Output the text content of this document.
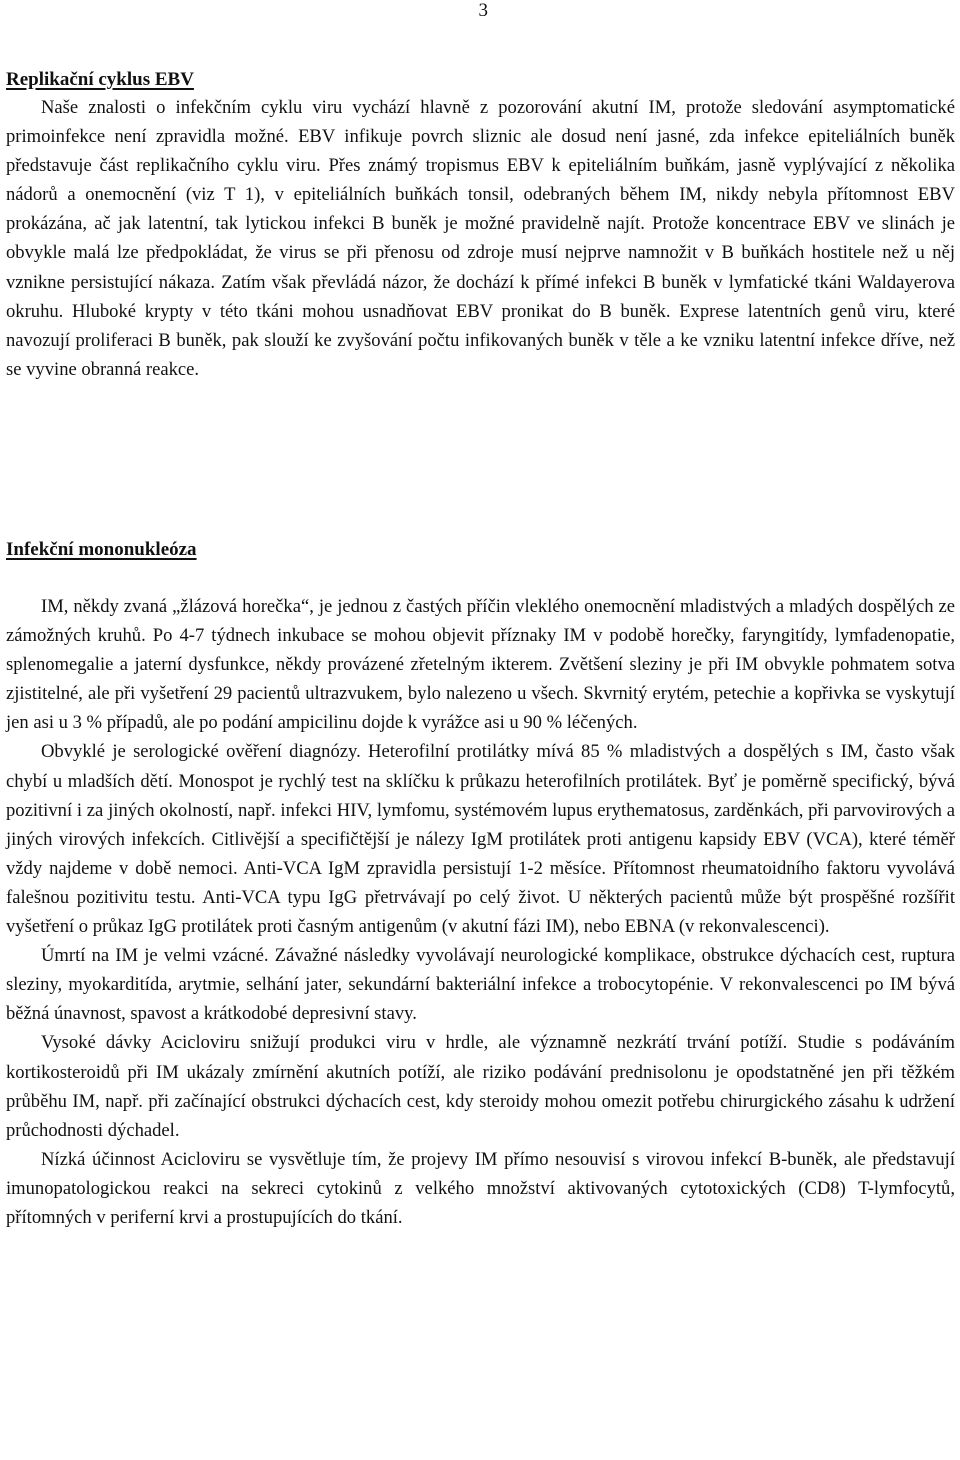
3
Replikační cyklus EBV

Naše znalosti o infekčním cyklu viru vychází hlavně z pozorování akutní IM, protože sledování asymptomatické primoinfekce není zpravidla možné. EBV infikuje povrch sliznic ale dosud není jasné, zda infekce epiteliálních buněk představuje část replikačního cyklu viru. Přes známý tropismus EBV k epiteliálním buňkám, jasně vyplývající z několika nádorů a onemocnění (viz T 1), v epiteliálních buňkách tonsil, odebraných během IM, nikdy nebyla přítomnost EBV prokázána, ač jak latentní, tak lytickou infekci B buněk je možné pravidelně najít. Protože koncentrace EBV ve slinách je obvykle malá lze předpokládat, že virus se při přenosu od zdroje musí nejprve namnožit v B buňkách hostitele než u něj vznikne persistující nákaza. Zatím však převládá názor, že dochází k přímé infekci B buněk v lymfatické tkáni Waldayerova okruhu. Hluboké krypty v této tkáni mohou usnadňovat EBV pronikat do B buněk. Exprese latentních genů viru, které navozují proliferaci B buněk, pak slouží ke zvyšování počtu infikovaných buněk v těle a ke vzniku latentní infekce dříve, než se vyvine obranná reakce.

Infekční mononukleóza

IM, někdy zvaná „žlázová horečka“, je jednou z častých příčin vleklého onemocnění mladistvých a mladých dospělých ze zámožných kruhů. Po 4-7 týdnech inkubace se mohou objevit příznaky IM v podobě horečky, faryngitídy, lymfadenopatie, splenomegalie a jaterní dysfunkce, někdy provázené zřetelným ikterem. Zvětšení sleziny je při IM obvykle pohmatem sotva zjistitelné, ale při vyšetření 29 pacientů ultrazvukem, bylo nalezeno u všech. Skvrnitý erytém, petechie a kopřivka se vyskytují jen asi u 3 % případů, ale po podání ampicilinu dojde k vyrážce asi u 90 % léčených.

Obvyklé je serologické ověření diagnózy. Heterofilní protilátky mívá 85 % mladistvých a dospělých s IM, často však chybí u mladších dětí. Monospot je rychlý test na sklíčku k průkazu heterofilních protilátek. Byť je poměrně specifický, bývá pozitivní i za jiných okolností, např. infekci HIV, lymfomu, systémovém lupus erythematosus, zarděnkách, při parvovirových a jiných virových infekcích. Citlivější a specifičtější je nálezy IgM protilátek proti antigenu kapsidy EBV (VCA), které téměř vždy najdeme v době nemoci. Anti-VCA IgM zpravidla persistují 1-2 měsíce. Přítomnost rheumatoidního faktoru vyvolává falešnou pozitivitu testu. Anti-VCA typu IgG přetrvávají po celý život. U některých pacientů může být prospěšné rozšířit vyšetření o průkaz IgG protilátek proti časným antigenům (v akutní fázi IM), nebo EBNA (v rekonvalescenci).

Úmrtí na IM je velmi vzácné. Závažné následky vyvolávají neurologické komplikace, obstrukce dýchacích cest, ruptura sleziny, myokarditída, arytmie, selhání jater, sekundární bakteriální infekce a trobocytopénie. V rekonvalescenci po IM bývá běžná únavnost, spavost a krátkodobé depresivní stavy.

Vysoké dávky Acicloviru snižují produkci viru v hrdle, ale významně nezkrátí trvání potíží. Studie s podáváním kortikosteroidů při IM ukázaly zmírnění akutních potíží, ale riziko podávání prednisolonu je opodstatněné jen při těžkém průběhu IM, např. při začínající obstrukci dýchacích cest, kdy steroidy mohou omezit potřebu chirurgického zásahu k udržení průchodnosti dýchadel.

Nízká účinnost Acicloviru se vysvětluje tím, že projevy IM přímo nesouvisí s virovou infekcí B-buněk, ale představují imunopatologickou reakci na sekreci cytokinů z velkého množství aktivovaných cytotoxických (CD8) T-lymfocytů, přítomných v periferní krvi a prostupujících do tkání.
